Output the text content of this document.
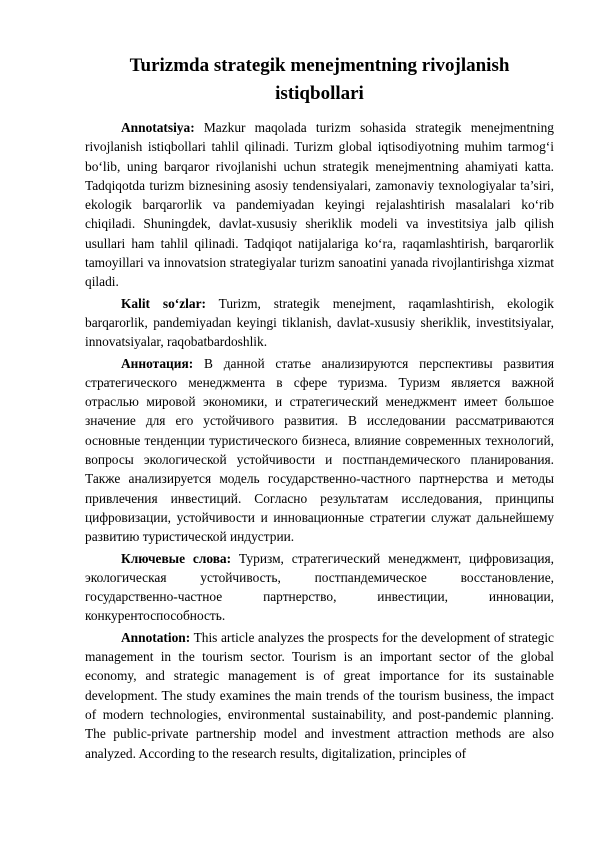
Turizmda strategik menejmentning rivojlanish istiqbollari

Annotatsiya: Mazkur maqolada turizm sohasida strategik menejmentning rivojlanish istiqbollari tahlil qilinadi. Turizm global iqtisodiyotning muhim tarmog‘i bo‘lib, uning barqaror rivojlanishi uchun strategik menejmentning ahamiyati katta. Tadqiqotda turizm biznesining asosiy tendensiyalari, zamonaviy texnologiyalar ta’siri, ekologik barqarorlik va pandemiyadan keyingi rejalashtirish masalalari ko‘rib chiqiladi. Shuningdek, davlat-xususiy sheriklik modeli va investitsiya jalb qilish usullari ham tahlil qilinadi. Tadqiqot natijalariga ko‘ra, raqamlashtirish, barqarorlik tamoyillari va innovatsion strategiyalar turizm sanoatini yanada rivojlantirishga xizmat qiladi.

Kalit so‘zlar: Turizm, strategik menejment, raqamlashtirish, ekologik barqarorlik, pandemiyadan keyingi tiklanish, davlat-xususiy sheriklik, investitsiyalar, innovatsiyalar, raqobatbardoshlik.

Аннотация: В данной статье анализируются перспективы развития стратегического менеджмента в сфере туризма. Туризм является важной отраслью мировой экономики, и стратегический менеджмент имеет большое значение для его устойчивого развития. В исследовании рассматриваются основные тенденции туристического бизнеса, влияние современных технологий, вопросы экологической устойчивости и постпандемического планирования. Также анализируется модель государственно-частного партнерства и методы привлечения инвестиций. Согласно результатам исследования, принципы цифровизации, устойчивости и инновационные стратегии служат дальнейшему развитию туристической индустрии.

Ключевые слова: Туризм, стратегический менеджмент, цифровизация, экологическая устойчивость, постпандемическое восстановление, государственно-частное партнерство, инвестиции, инновации, конкурентоспособность.

Annotation: This article analyzes the prospects for the development of strategic management in the tourism sector. Tourism is an important sector of the global economy, and strategic management is of great importance for its sustainable development. The study examines the main trends of the tourism business, the impact of modern technologies, environmental sustainability, and post-pandemic planning. The public-private partnership model and investment attraction methods are also analyzed. According to the research results, digitalization, principles of
